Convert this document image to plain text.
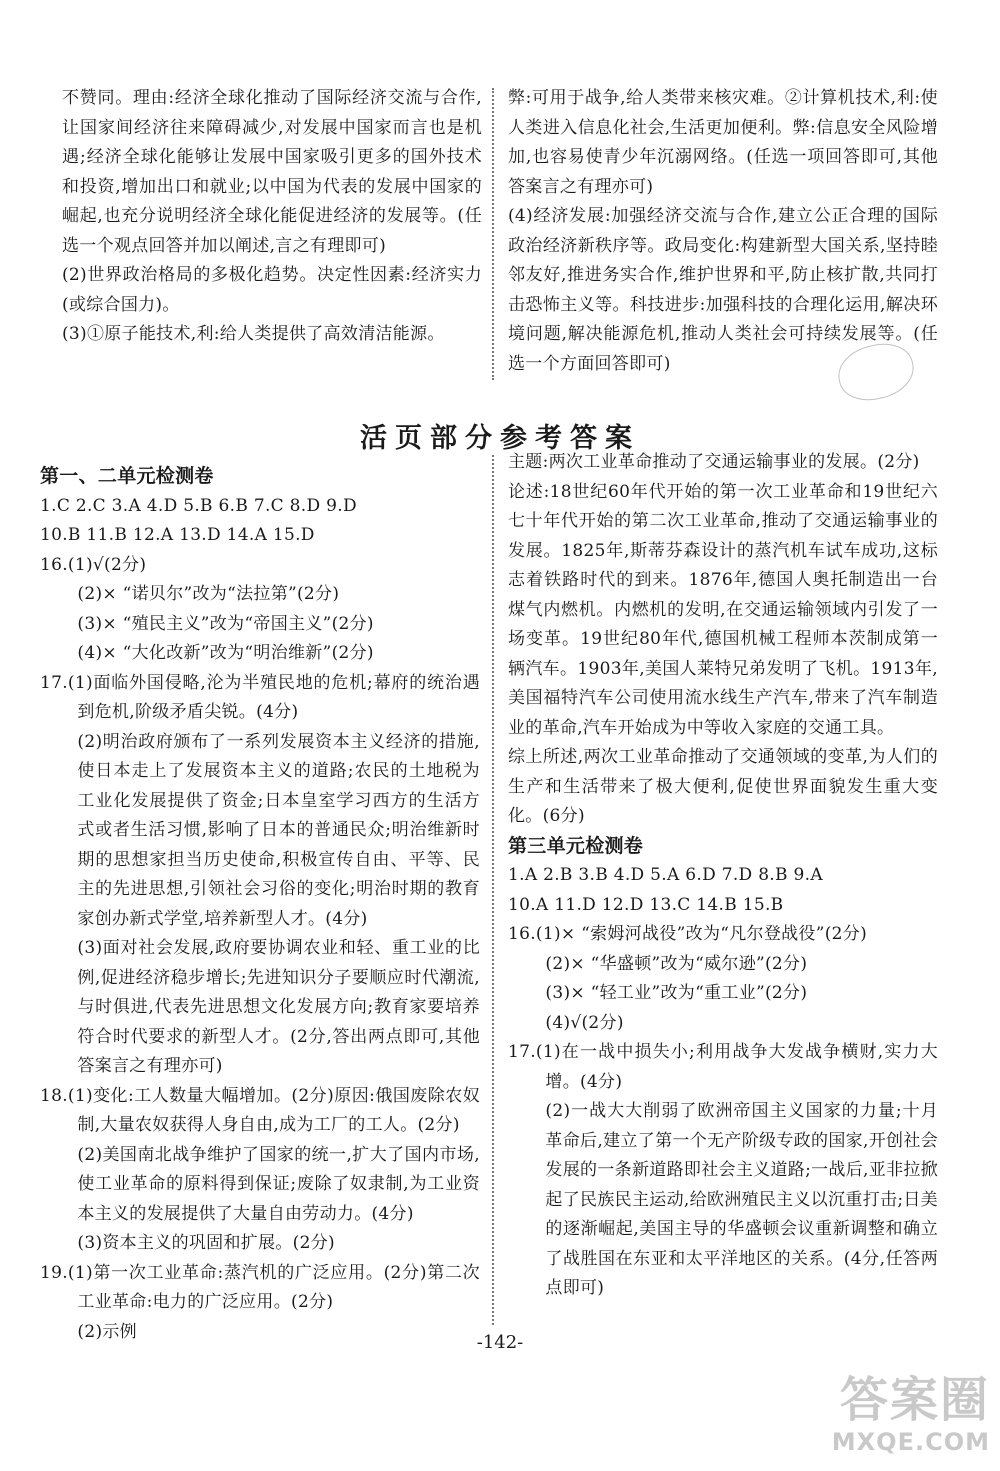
不赞同。理由:经济全球化推动了国际经济交流与合作,让国家间经济往来障碍减少,对发展中国家而言也是机遇;经济全球化能够让发展中国家吸引更多的国外技术和投资,增加出口和就业;以中国为代表的发展中国家的崛起,也充分说明经济全球化能促进经济的发展等。(任选一个观点回答并加以阐述,言之有理即可)

(2)世界政治格局的多极化趋势。决定性因素:经济实力(或综合国力)。

(3)①原子能技术,利:给人类提供了高效清洁能源。

弊:可用于战争,给人类带来核灾难。②计算机技术,利:使人类进入信息化社会,生活更加便利。弊:信息安全风险增加,也容易使青少年沉溺网络。(任选一项回答即可,其他答案言之有理亦可)

(4)经济发展:加强经济交流与合作,建立公正合理的国际政治经济新秩序等。政局变化:构建新型大国关系,坚持睦邻友好,推进务实合作,维护世界和平,防止核扩散,共同打击恐怖主义等。科技进步:加强科技的合理化运用,解决环境问题,解决能源危机,推动人类社会可持续发展等。(任选一个方面回答即可)

活页部分参考答案

第一、二单元检测卷

1.C 2.C 3.A 4.D 5.B 6.B 7.C 8.D 9.D

10.B 11.B 12.A 13.D 14.A 15.D

16.(1)√(2分)

(2)× “诺贝尔”改为“法拉第”(2分)

(3)× “殖民主义”改为“帝国主义”(2分)

(4)× “大化改新”改为“明治维新”(2分)

17.(1)面临外国侵略,沦为半殖民地的危机;幕府的统治遇到危机,阶级矛盾尖锐。(4分)

(2)明治政府颁布了一系列发展资本主义经济的措施,使日本走上了发展资本主义的道路;农民的土地税为工业化发展提供了资金;日本皇室学习西方的生活方式或者生活习惯,影响了日本的普通民众;明治维新时期的思想家担当历史使命,积极宣传自由、平等、民主的先进思想,引领社会习俗的变化;明治时期的教育家创办新式学堂,培养新型人才。(4分)

(3)面对社会发展,政府要协调农业和轻、重工业的比例,促进经济稳步增长;先进知识分子要顺应时代潮流,与时俱进,代表先进思想文化发展方向;教育家要培养符合时代要求的新型人才。(2分,答出两点即可,其他答案言之有理亦可)

18.(1)变化:工人数量大幅增加。(2分)原因:俄国废除农奴制,大量农奴获得人身自由,成为工厂的工人。(2分)

(2)美国南北战争维护了国家的统一,扩大了国内市场,使工业革命的原料得到保证;废除了奴隶制,为工业资本主义的发展提供了大量自由劳动力。(4分)

(3)资本主义的巩固和扩展。(2分)

19.(1)第一次工业革命:蒸汽机的广泛应用。(2分)第二次工业革命:电力的广泛应用。(2分)

(2)示例

主题:两次工业革命推动了交通运输事业的发展。(2分)

论述:18世纪60年代开始的第一次工业革命和19世纪六七十年代开始的第二次工业革命,推动了交通运输事业的发展。1825年,斯蒂芬森设计的蒸汽机车试车成功,这标志着铁路时代的到来。1876年,德国人奥托制造出一台煤气内燃机。内燃机的发明,在交通运输领域内引发了一场变革。19世纪80年代,德国机械工程师本茨制成第一辆汽车。1903年,美国人莱特兄弟发明了飞机。1913年,美国福特汽车公司使用流水线生产汽车,带来了汽车制造业的革命,汽车开始成为中等收入家庭的交通工具。

综上所述,两次工业革命推动了交通领域的变革,为人们的生产和生活带来了极大便利,促使世界面貌发生重大变化。(6分)

第三单元检测卷

1.A 2.B 3.B 4.D 5.A 6.D 7.D 8.B 9.A

10.A 11.D 12.D 13.C 14.B 15.B

16.(1)× “索姆河战役”改为“凡尔登战役”(2分)

(2)× “华盛顿”改为“威尔逊”(2分)

(3)× “轻工业”改为“重工业”(2分)

(4)√(2分)

17.(1)在一战中损失小;利用战争大发战争横财,实力大增。(4分)

(2)一战大大削弱了欧洲帝国主义国家的力量;十月革命后,建立了第一个无产阶级专政的国家,开创社会发展的一条新道路即社会主义道路;一战后,亚非拉掀起了民族民主运动,给欧洲殖民主义以沉重打击;日美的逐渐崛起,美国主导的华盛顿会议重新调整和确立了战胜国在东亚和太平洋地区的关系。(4分,任答两点即可)

-142-
答案圈
MXQE.COM
